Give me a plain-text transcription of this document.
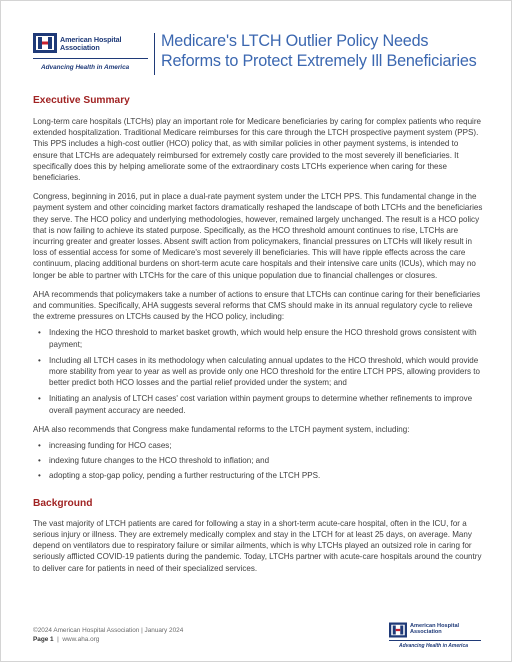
American Hospital Association
Advancing Health in America
Medicare's LTCH Outlier Policy Needs Reforms to Protect Extremely Ill Beneficiaries
Executive Summary

Long-term care hospitals (LTCHs) play an important role for Medicare beneficiaries by caring for complex patients who require extended hospitalization. Traditional Medicare reimburses for this care through the LTCH prospective payment system (PPS). This PPS includes a high-cost outlier (HCO) policy that, as with similar policies in other payment systems, is intended to ensure that LTCHs are adequately reimbursed for extremely costly care provided to the most severely ill beneficiaries. It specifically does this by helping ameliorate some of the extraordinary costs LTCHs experience when caring for these beneficiaries.

Congress, beginning in 2016, put in place a dual-rate payment system under the LTCH PPS. This fundamental change in the payment system and other coinciding market factors dramatically reshaped the landscape of both LTCHs and the beneficiaries they serve. The HCO policy and underlying methodologies, however, remained largely unchanged. The result is a HCO policy that is now failing to achieve its stated purpose. Specifically, as the HCO threshold amount continues to rise, LTCHs are incurring greater and greater losses. Absent swift action from policymakers, financial pressures on LTCHs will likely result in loss of essential access for some of Medicare's most severely ill beneficiaries. This will have ripple effects across the care continuum, placing additional burdens on short-term acute care hospitals and their intensive care units (ICUs), which may no longer be able to partner with LTCHs for the care of this unique population due to financial challenges or closures.

AHA recommends that policymakers take a number of actions to ensure that LTCHs can continue caring for their beneficiaries and communities. Specifically, AHA suggests several reforms that CMS should make in its annual regulatory cycle to relieve the extreme pressures on LTCHs caused by the HCO policy, including:

• Indexing the HCO threshold to market basket growth, which would help ensure the HCO threshold grows consistent with payment;
• Including all LTCH cases in its methodology when calculating annual updates to the HCO threshold, which would provide more stability from year to year as well as provide only one HCO threshold for the entire LTCH PPS, allowing providers to better predict both HCO losses and the partial relief provided under the system; and
• Initiating an analysis of LTCH cases' cost variation within payment groups to determine whether refinements to improve overall payment accuracy are needed.

AHA also recommends that Congress make fundamental reforms to the LTCH payment system, including:

• increasing funding for HCO cases;
• indexing future changes to the HCO threshold to inflation; and
• adopting a stop-gap policy, pending a further restructuring of the LTCH PPS.
Background

The vast majority of LTCH patients are cared for following a stay in a short-term acute-care hospital, often in the ICU, for a serious injury or illness. They are extremely medically complex and stay in the LTCH for at least 25 days, on average. Many depend on ventilators due to respiratory failure or similar ailments, which is why LTCHs played an outsized role in caring for seriously afflicted COVID-19 patients during the pandemic. Today, LTCHs partner with acute-care hospitals around the country to deliver care for patients in need of their specialized services.

©2024 American Hospital Association | January 2024
Page 1  |  www.aha.org
American Hospital Association
Advancing Health in America
